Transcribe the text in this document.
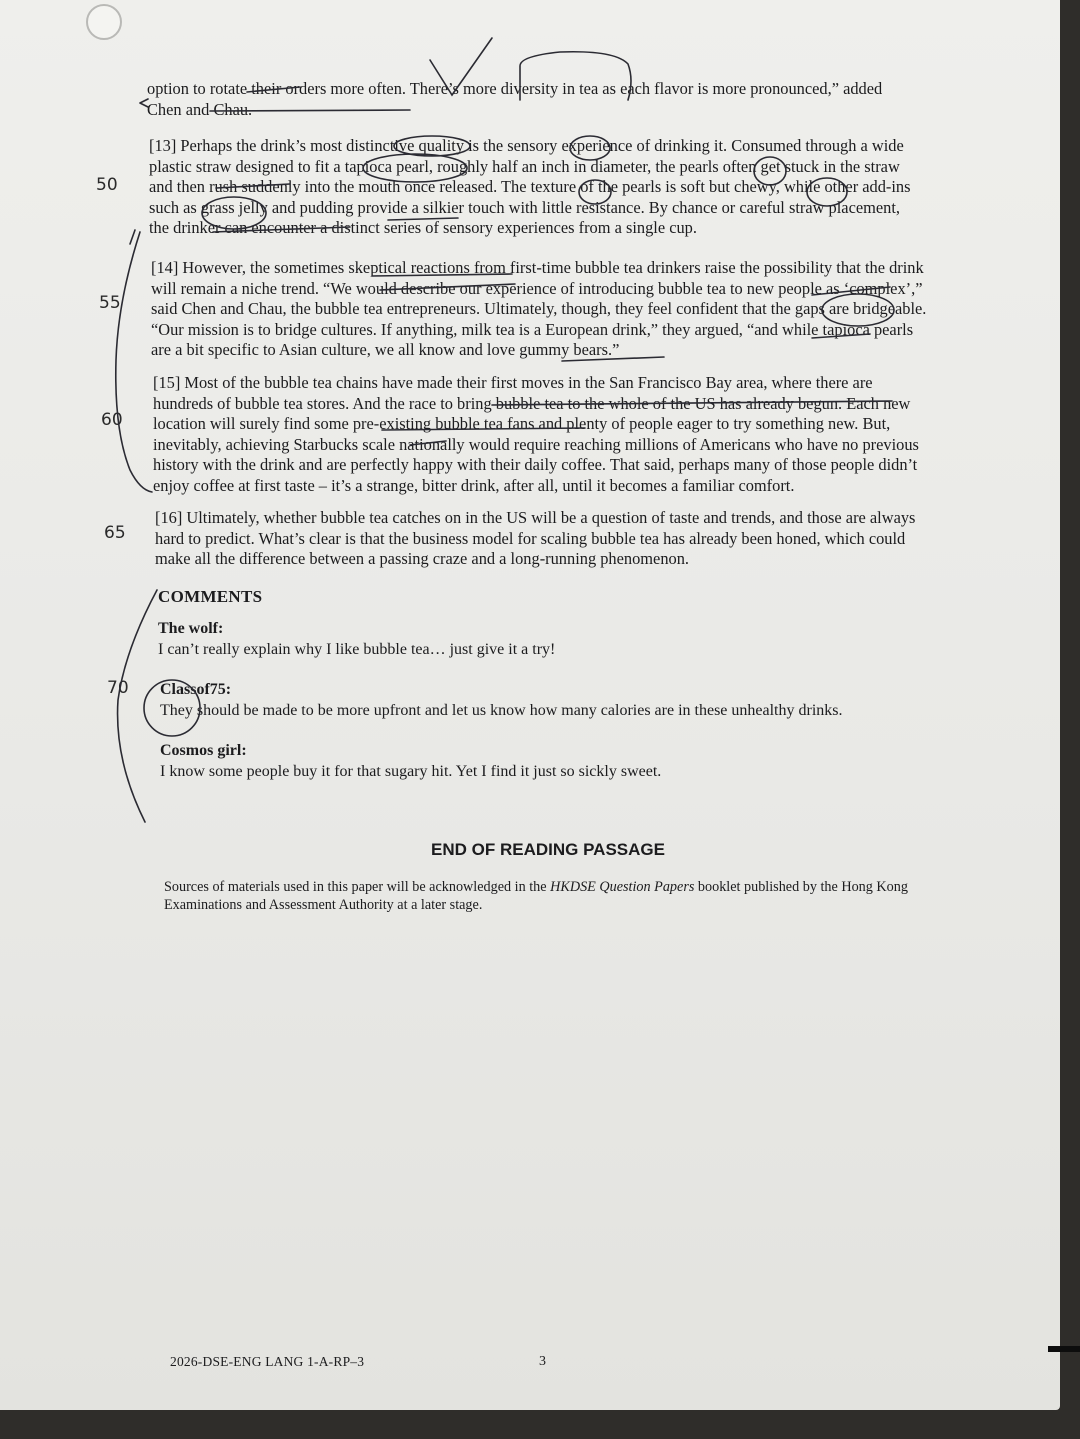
50
55
60
65
70
option to rotate their orders more often. There’s more diversity in tea as each flavor is more pronounced,” added
Chen and Chau.
[13] Perhaps the drink’s most distinctive quality is the sensory experience of drinking it. Consumed through a wide
plastic straw designed to fit a tapioca pearl, roughly half an inch in diameter, the pearls often get stuck in the straw
and then rush suddenly into the mouth once released. The texture of the pearls is soft but chewy, while other add-ins
such as grass jelly and pudding provide a silkier touch with little resistance. By chance or careful straw placement,
the drinker can encounter a distinct series of sensory experiences from a single cup.
[14] However, the sometimes skeptical reactions from first-time bubble tea drinkers raise the possibility that the drink
will remain a niche trend. “We would describe our experience of introducing bubble tea to new people as ‘complex’,”
said Chen and Chau, the bubble tea entrepreneurs. Ultimately, though, they feel confident that the gaps are bridgeable.
“Our mission is to bridge cultures. If anything, milk tea is a European drink,” they argued, “and while tapioca pearls
are a bit specific to Asian culture, we all know and love gummy bears.”
[15] Most of the bubble tea chains have made their first moves in the San Francisco Bay area, where there are
hundreds of bubble tea stores. And the race to bring bubble tea to the whole of the US has already begun. Each new
location will surely find some pre-existing bubble tea fans and plenty of people eager to try something new. But,
inevitably, achieving Starbucks scale nationally would require reaching millions of Americans who have no previous
history with the drink and are perfectly happy with their daily coffee. That said, perhaps many of those people didn’t
enjoy coffee at first taste – it’s a strange, bitter drink, after all, until it becomes a familiar comfort.
[16] Ultimately, whether bubble tea catches on in the US will be a question of taste and trends, and those are always
hard to predict. What’s clear is that the business model for scaling bubble tea has already been honed, which could
make all the difference between a passing craze and a long-running phenomenon.
COMMENTS
The wolf:
I can’t really explain why I like bubble tea… just give it a try!
Classof75:
They should be made to be more upfront and let us know how many calories are in these unhealthy drinks.
Cosmos girl:
I know some people buy it for that sugary hit. Yet I find it just so sickly sweet.
END OF READING PASSAGE
Sources of materials used in this paper will be acknowledged in the HKDSE Question Papers booklet published by the Hong Kong Examinations and Assessment Authority at a later stage.
2026-DSE-ENG LANG 1-A-RP–3	3
